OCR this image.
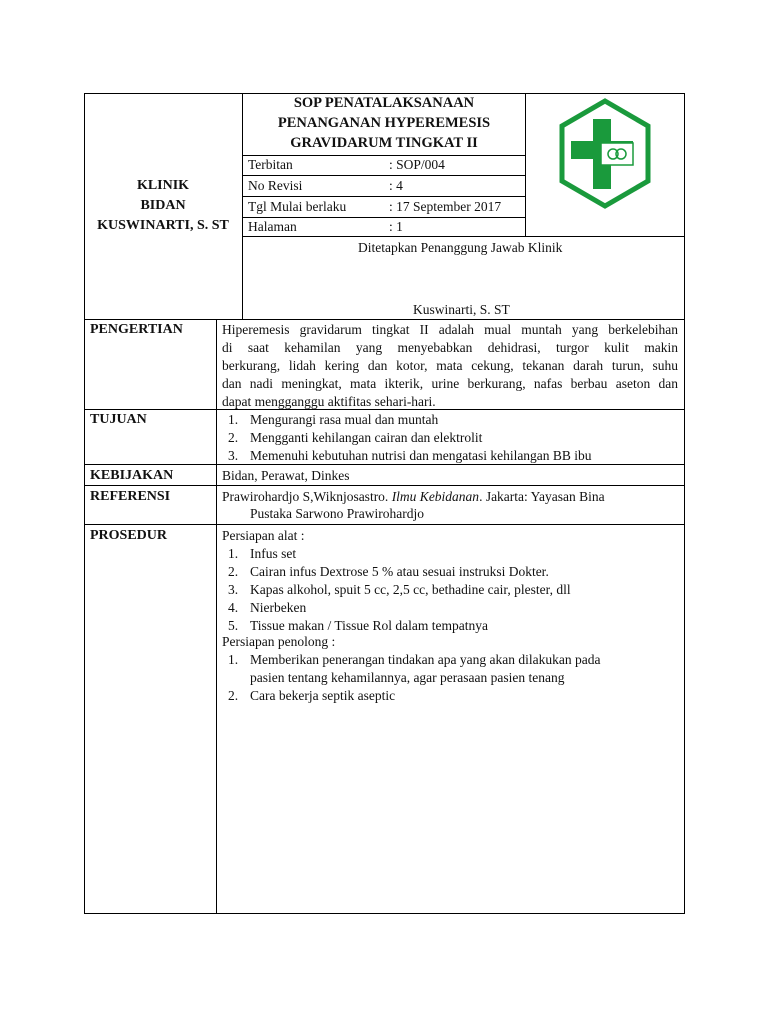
KLINIK
BIDAN
KUSWINARTI, S. ST
SOP PENATALAKSANAAN
PENANGANAN HYPEREMESIS
GRAVIDARUM TINGKAT II
Terbitan	: SOP/004
No Revisi	: 4
Tgl Mulai berlaku	: 17 September 2017
Halaman	: 1
Ditetapkan Penanggung Jawab Klinik
Kuswinarti, S. ST
PENGERTIAN	Hiperemesis gravidarum tingkat II adalah mual muntah yang berkelebihan
di saat kehamilan yang menyebabkan dehidrasi, turgor kulit makin
berkurang, lidah kering dan kotor, mata cekung, tekanan darah turun, suhu
dan nadi meningkat, mata ikterik, urine berkurang, nafas berbau aseton dan
dapat mengganggu aktifitas sehari-hari.
TUJUAN	1. Mengurangi rasa mual dan muntah
2. Mengganti kehilangan cairan dan elektrolit
3. Memenuhi kebutuhan nutrisi dan mengatasi kehilangan BB ibu
KEBIJAKAN	Bidan, Perawat, Dinkes
REFERENSI	Prawirohardjo S,Wiknjosastro. Ilmu Kebidanan. Jakarta: Yayasan Bina
Pustaka Sarwono Prawirohardjo
PROSEDUR	Persiapan alat :
1. Infus set
2. Cairan infus Dextrose 5 % atau sesuai instruksi Dokter.
3. Kapas alkohol, spuit 5 cc, 2,5 cc, bethadine cair, plester, dll
4. Nierbeken
5. Tissue makan / Tissue Rol dalam tempatnya
Persiapan penolong :
1. Memberikan penerangan tindakan apa yang akan dilakukan pada
pasien tentang kehamilannya, agar perasaan pasien tenang
2. Cara bekerja septik aseptic
